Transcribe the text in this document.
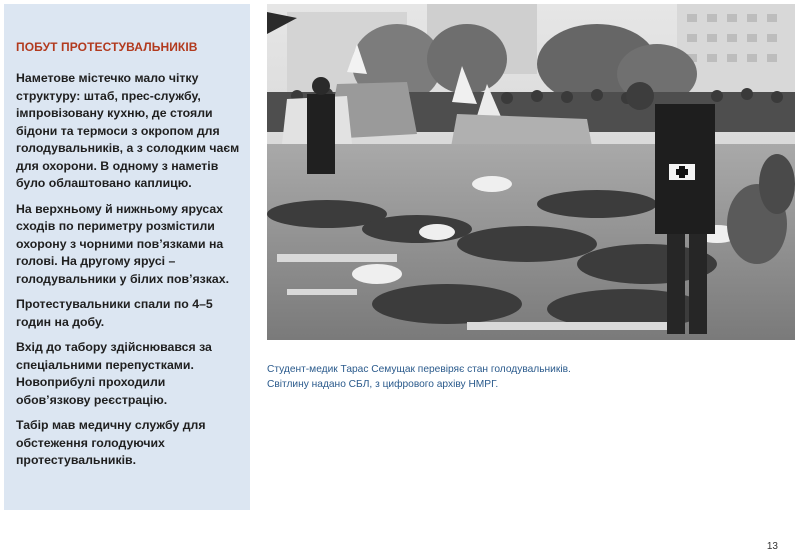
ПОБУТ ПРОТЕСТУВАЛЬНИКІВ

Наметове містечко мало чітку структуру: штаб, прес-службу, імпровізовану кухню, де стояли бідони та термоси з окропом для голодувальників, а з солодким чаєм для охорони. В одному з наметів було облаштовано каплицю.

На верхньому й нижньому ярусах сходів по периметру розмістили охорону з чорними пов’язками на голові. На другому ярусі – голодувальники у білих пов’язках.

Протестувальники спали по 4–5 годин на добу.

Вхід до табору здійснювався за спеціальними перепустками. Новоприбулі проходили обов’язкову реєстрацію.

Табір мав медичну службу для обстеження голодуючих протестувальників.

Студент-медик Тарас Семущак перевіряє стан голодувальників.
Світлину надано СБЛ, з цифрового архіву НМРГ.
13
